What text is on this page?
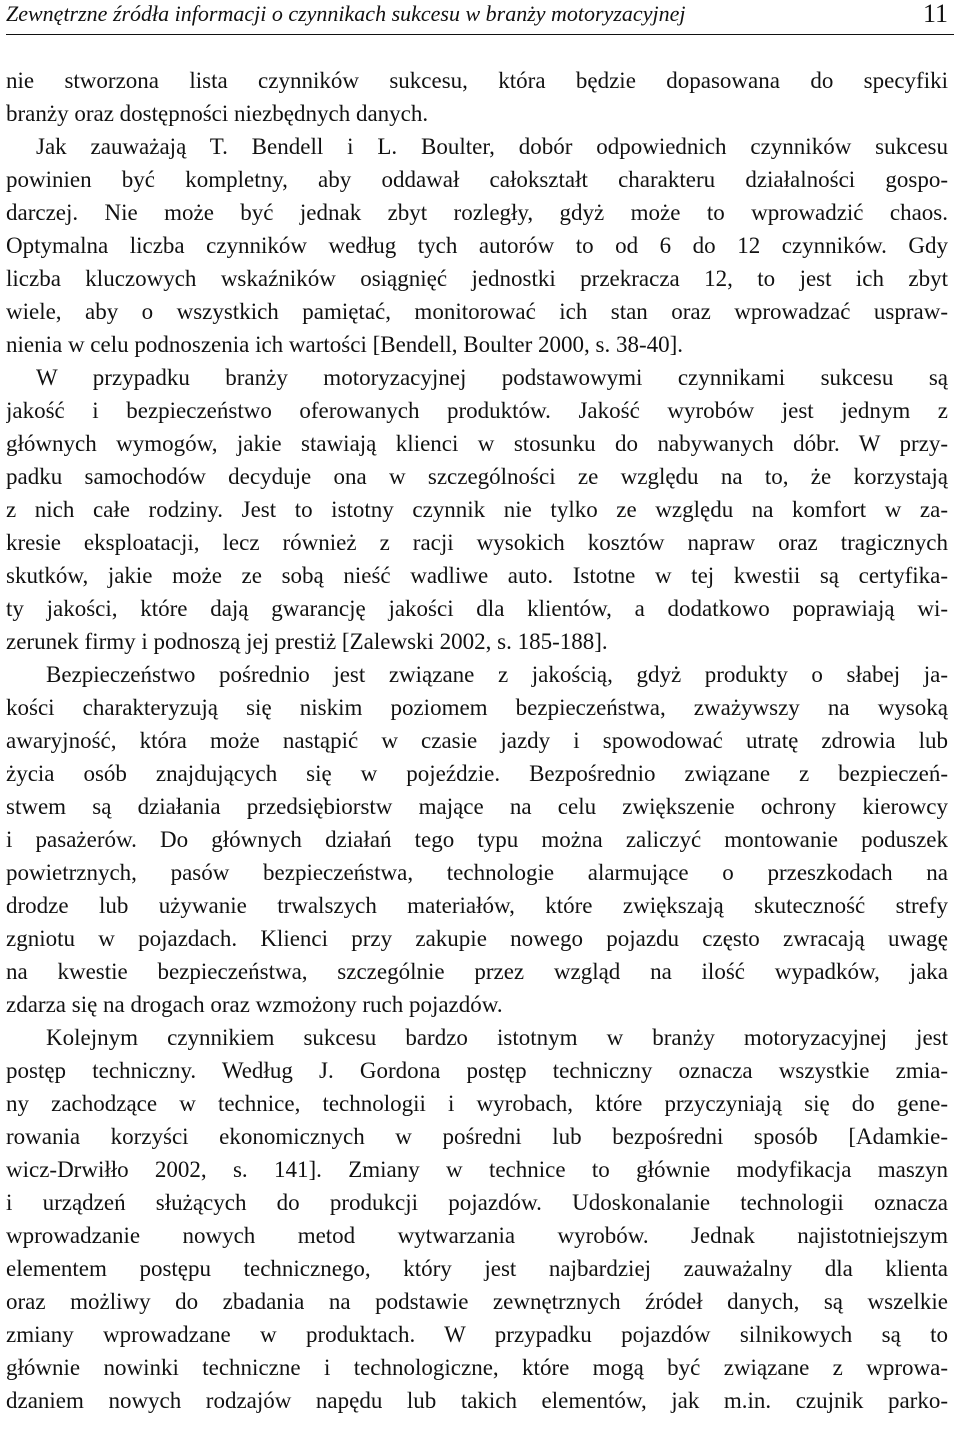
Zewnętrzne źródła informacji o czynnikach sukcesu w branży motoryzacyjnej	11
nie stworzona lista czynników sukcesu, która będzie dopasowana do specyfiki
branży oraz dostępności niezbędnych danych.
Jak zauważają T. Bendell i L. Boulter, dobór odpowiednich czynników sukcesu
powinien być kompletny, aby oddawał całokształt charakteru działalności gospo-
darczej. Nie może być jednak zbyt rozległy, gdyż może to wprowadzić chaos.
Optymalna liczba czynników według tych autorów to od 6 do 12 czynników. Gdy
liczba kluczowych wskaźników osiągnięć jednostki przekracza 12, to jest ich zbyt
wiele, aby o wszystkich pamiętać, monitorować ich stan oraz wprowadzać uspraw-
nienia w celu podnoszenia ich wartości [Bendell, Boulter 2000, s. 38-40].
W przypadku branży motoryzacyjnej podstawowymi czynnikami sukcesu są
jakość i bezpieczeństwo oferowanych produktów. Jakość wyrobów jest jednym z
głównych wymogów, jakie stawiają klienci w stosunku do nabywanych dóbr. W przy-
padku samochodów decyduje ona w szczególności ze względu na to, że korzystają
z nich całe rodziny. Jest to istotny czynnik nie tylko ze względu na komfort w za-
kresie eksploatacji, lecz również z racji wysokich kosztów napraw oraz tragicznych
skutków, jakie może ze sobą nieść wadliwe auto. Istotne w tej kwestii są certyfika-
ty jakości, które dają gwarancję jakości dla klientów, a dodatkowo poprawiają wi-
zerunek firmy i podnoszą jej prestiż [Zalewski 2002, s. 185-188].
Bezpieczeństwo pośrednio jest związane z jakością, gdyż produkty o słabej ja-
kości charakteryzują się niskim poziomem bezpieczeństwa, zważywszy na wysoką
awaryjność, która może nastąpić w czasie jazdy i spowodować utratę zdrowia lub
życia osób znajdujących się w pojeździe. Bezpośrednio związane z bezpieczeń-
stwem są działania przedsiębiorstw mające na celu zwiększenie ochrony kierowcy
i pasażerów. Do głównych działań tego typu można zaliczyć montowanie poduszek
powietrznych, pasów bezpieczeństwa, technologie alarmujące o przeszkodach na
drodze lub używanie trwalszych materiałów, które zwiększają skuteczność strefy
zgniotu w pojazdach. Klienci przy zakupie nowego pojazdu często zwracają uwagę
na kwestie bezpieczeństwa, szczególnie przez wzgląd na ilość wypadków, jaka
zdarza się na drogach oraz wzmożony ruch pojazdów.
Kolejnym czynnikiem sukcesu bardzo istotnym w branży motoryzacyjnej jest
postęp techniczny. Według J. Gordona postęp techniczny oznacza wszystkie zmia-
ny zachodzące w technice, technologii i wyrobach, które przyczyniają się do gene-
rowania korzyści ekonomicznych w pośredni lub bezpośredni sposób [Adamkie-
wicz-Drwiłło 2002, s. 141]. Zmiany w technice to głównie modyfikacja maszyn
i urządzeń służących do produkcji pojazdów. Udoskonalanie technologii oznacza
wprowadzanie nowych metod wytwarzania wyrobów. Jednak najistotniejszym
elementem postępu technicznego, który jest najbardziej zauważalny dla klienta
oraz możliwy do zbadania na podstawie zewnętrznych źródeł danych, są wszelkie
zmiany wprowadzane w produktach. W przypadku pojazdów silnikowych są to
głównie nowinki techniczne i technologiczne, które mogą być związane z wprowa-
dzaniem nowych rodzajów napędu lub takich elementów, jak m.in. czujnik parko-
